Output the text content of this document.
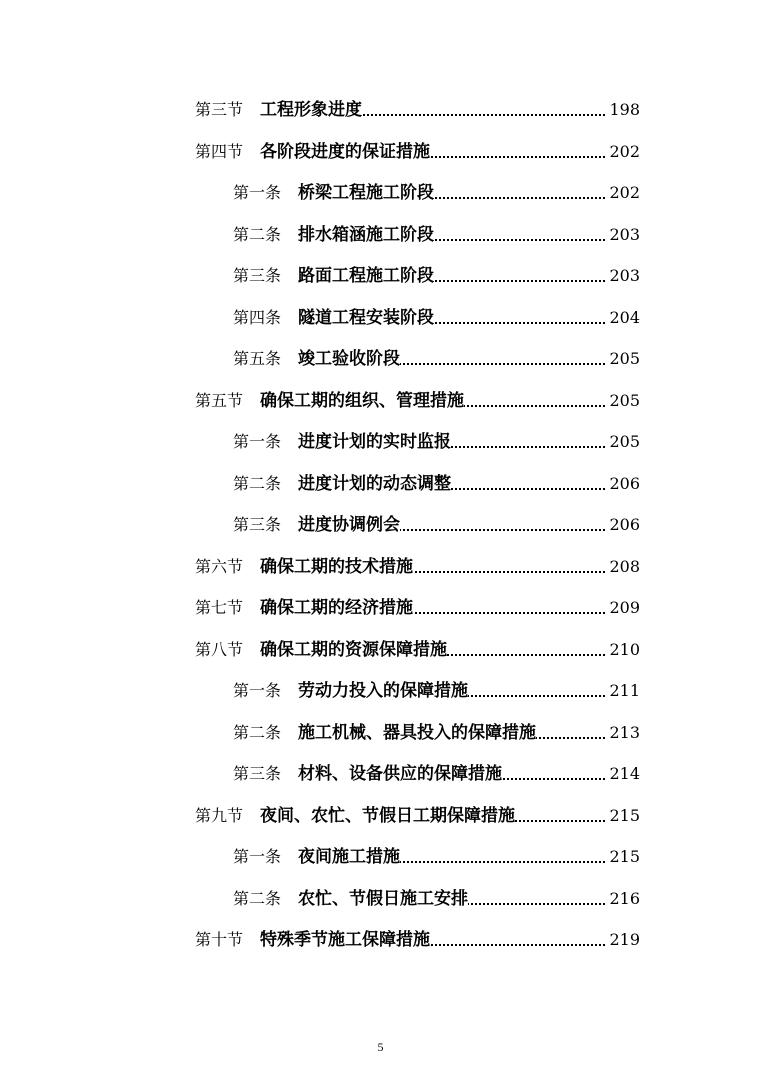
第三节 工程形象进度	198
第四节 各阶段进度的保证措施	202
第一条 桥梁工程施工阶段	202
第二条 排水箱涵施工阶段	203
第三条 路面工程施工阶段	203
第四条 隧道工程安装阶段	204
第五条 竣工验收阶段	205
第五节 确保工期的组织、管理措施	205
第一条 进度计划的实时监报	205
第二条 进度计划的动态调整	206
第三条 进度协调例会	206
第六节 确保工期的技术措施	208
第七节 确保工期的经济措施	209
第八节 确保工期的资源保障措施	210
第一条 劳动力投入的保障措施	211
第二条 施工机械、器具投入的保障措施	213
第三条 材料、设备供应的保障措施	214
第九节 夜间、农忙、节假日工期保障措施	215
第一条 夜间施工措施	215
第二条 农忙、节假日施工安排	216
第十节 特殊季节施工保障措施	219
5
